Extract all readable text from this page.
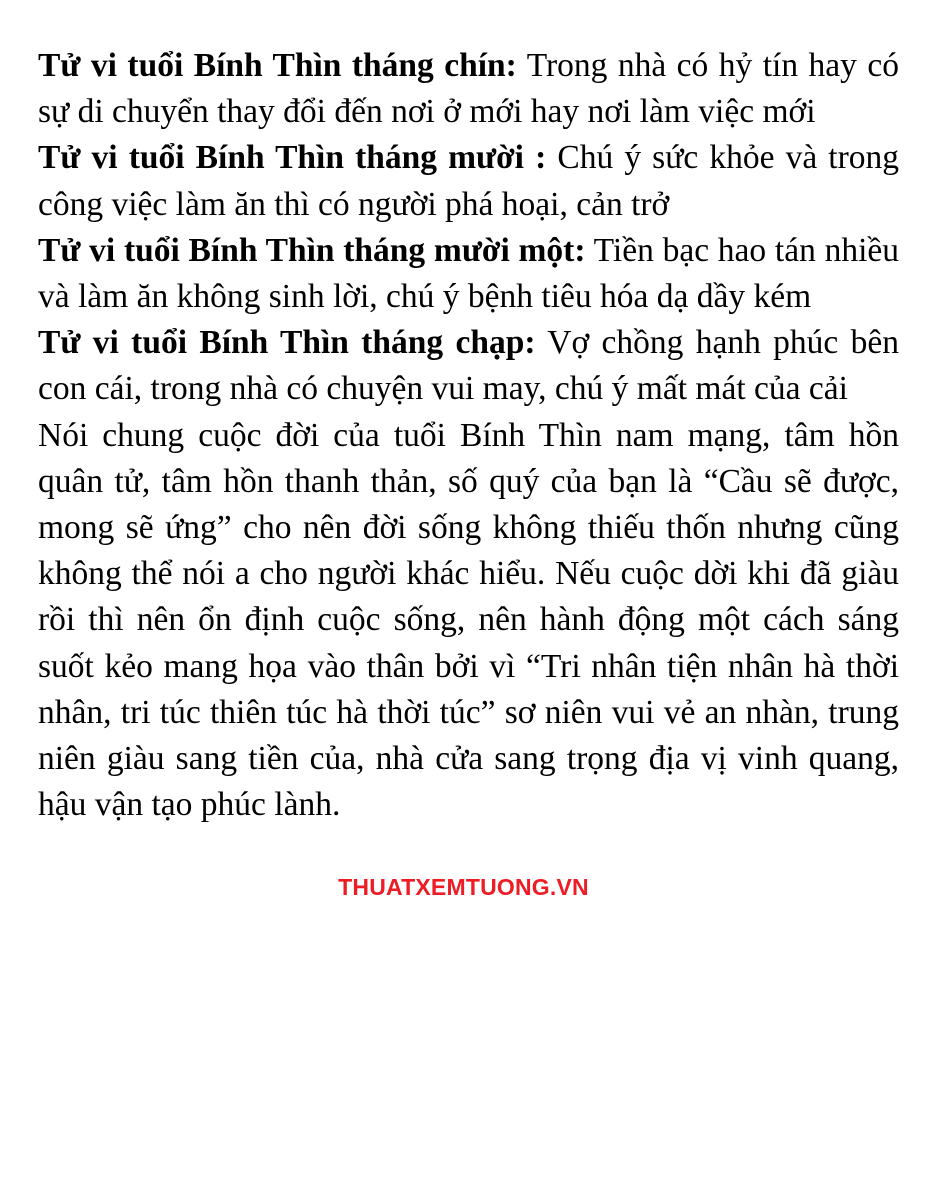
Tử vi tuổi Bính Thìn tháng chín: Trong nhà có hỷ tín hay có sự di chuyển thay đổi đến nơi ở mới hay nơi làm việc mới

Tử vi tuổi Bính Thìn tháng mười : Chú ý sức khỏe và trong công việc làm ăn thì có người phá hoại, cản trở

Tử vi tuổi Bính Thìn tháng mười một: Tiền bạc hao tán nhiều và làm ăn không sinh lời, chú ý bệnh tiêu hóa dạ dầy kém

Tử vi tuổi Bính Thìn tháng chạp: Vợ chồng hạnh phúc bên con cái, trong nhà có chuyện vui may, chú ý mất mát của cải

Nói chung cuộc đời của tuổi Bính Thìn nam mạng, tâm hồn quân tử, tâm hồn thanh thản, số quý của bạn là “Cầu sẽ được, mong sẽ ứng” cho nên đời sống không thiếu thốn nhưng cũng không thể nói a cho người khác hiểu. Nếu cuộc dời khi đã giàu rồi thì nên ổn định cuộc sống, nên hành động một cách sáng suốt kẻo mang họa vào thân bởi vì “Tri nhân tiện nhân hà thời nhân, tri túc thiên túc hà thời túc” sơ niên vui vẻ an nhàn, trung niên giàu sang tiền của, nhà cửa sang trọng địa vị vinh quang, hậu vận tạo phúc lành.

THUATXEMTUONG.VN
